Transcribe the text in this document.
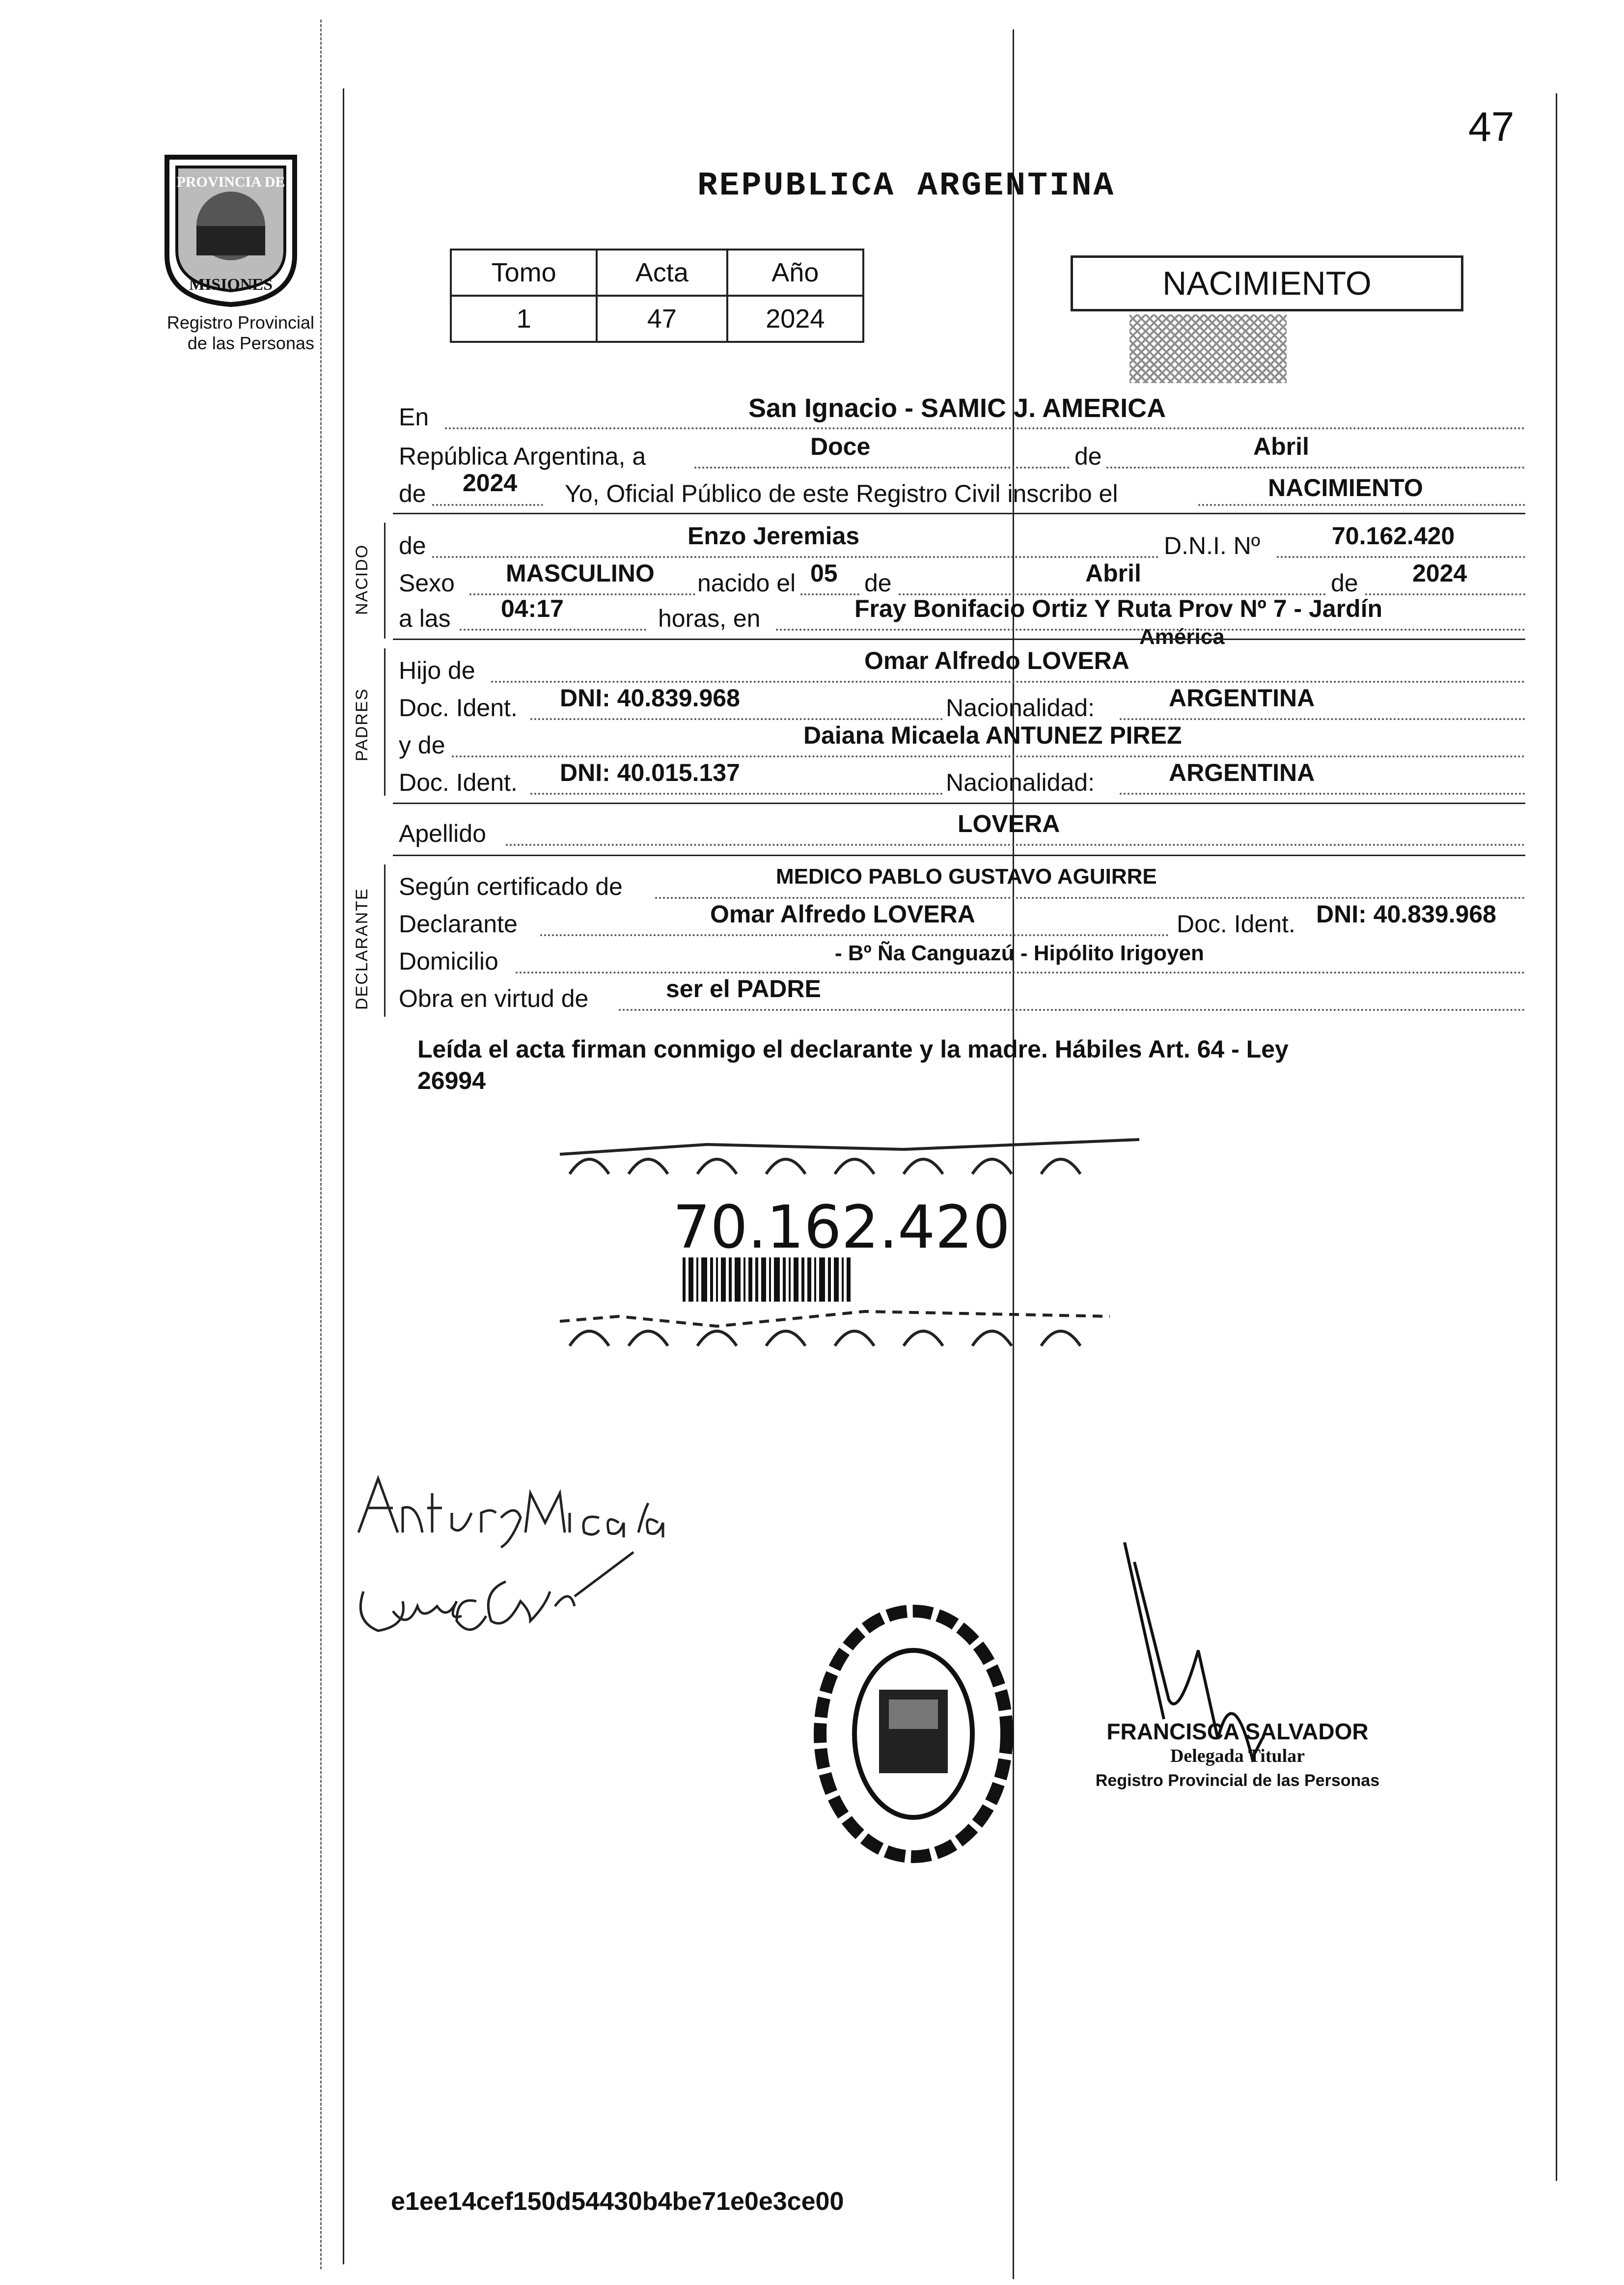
47
PROVINCIA DE
MISIONES
Registro Provincial
de las Personas
REPUBLICA ARGENTINA
Tomo	Acta	Año
1	47	2024
NACIMIENTO
En	San Ignacio - SAMIC J. AMERICA
República Argentina, a	Doce	de	Abril
de 2024 Yo, Oficial Público de este Registro Civil inscribo el	NACIMIENTO
NACIDO de	Enzo Jeremias	D.N.I. Nº	70.162.420
Sexo MASCULINO nacido el 05 de	Abril	de 2024
a las 04:17	horas, en	Fray Bonifacio Ortiz Y Ruta Prov Nº 7 - Jardín
América
PADRES
Hijo de	Omar Alfredo LOVERA
Doc. Ident. DNI: 40.839.968	Nacionalidad:	ARGENTINA
y de	Daiana Micaela ANTUNEZ PIREZ
Doc. Ident. DNI: 40.015.137	Nacionalidad:	ARGENTINA
Apellido	LOVERA
DECLARANTE
Según certificado de	MEDICO PABLO GUSTAVO AGUIRRE
Declarante	Omar Alfredo LOVERA	Doc. Ident. DNI: 40.839.968
Domicilio	- Bº Ña Canguazú - Hipólito Irigoyen
Obra en virtud de	ser el PADRE
Leída el acta firman conmigo el declarante y la madre. Hábiles Art. 64 - Ley
26994
70.162.420
FRANCISCA SALVADOR
Delegada Titular
Registro Provincial de las Personas
e1ee14cef150d54430b4be71e0e3ce00
